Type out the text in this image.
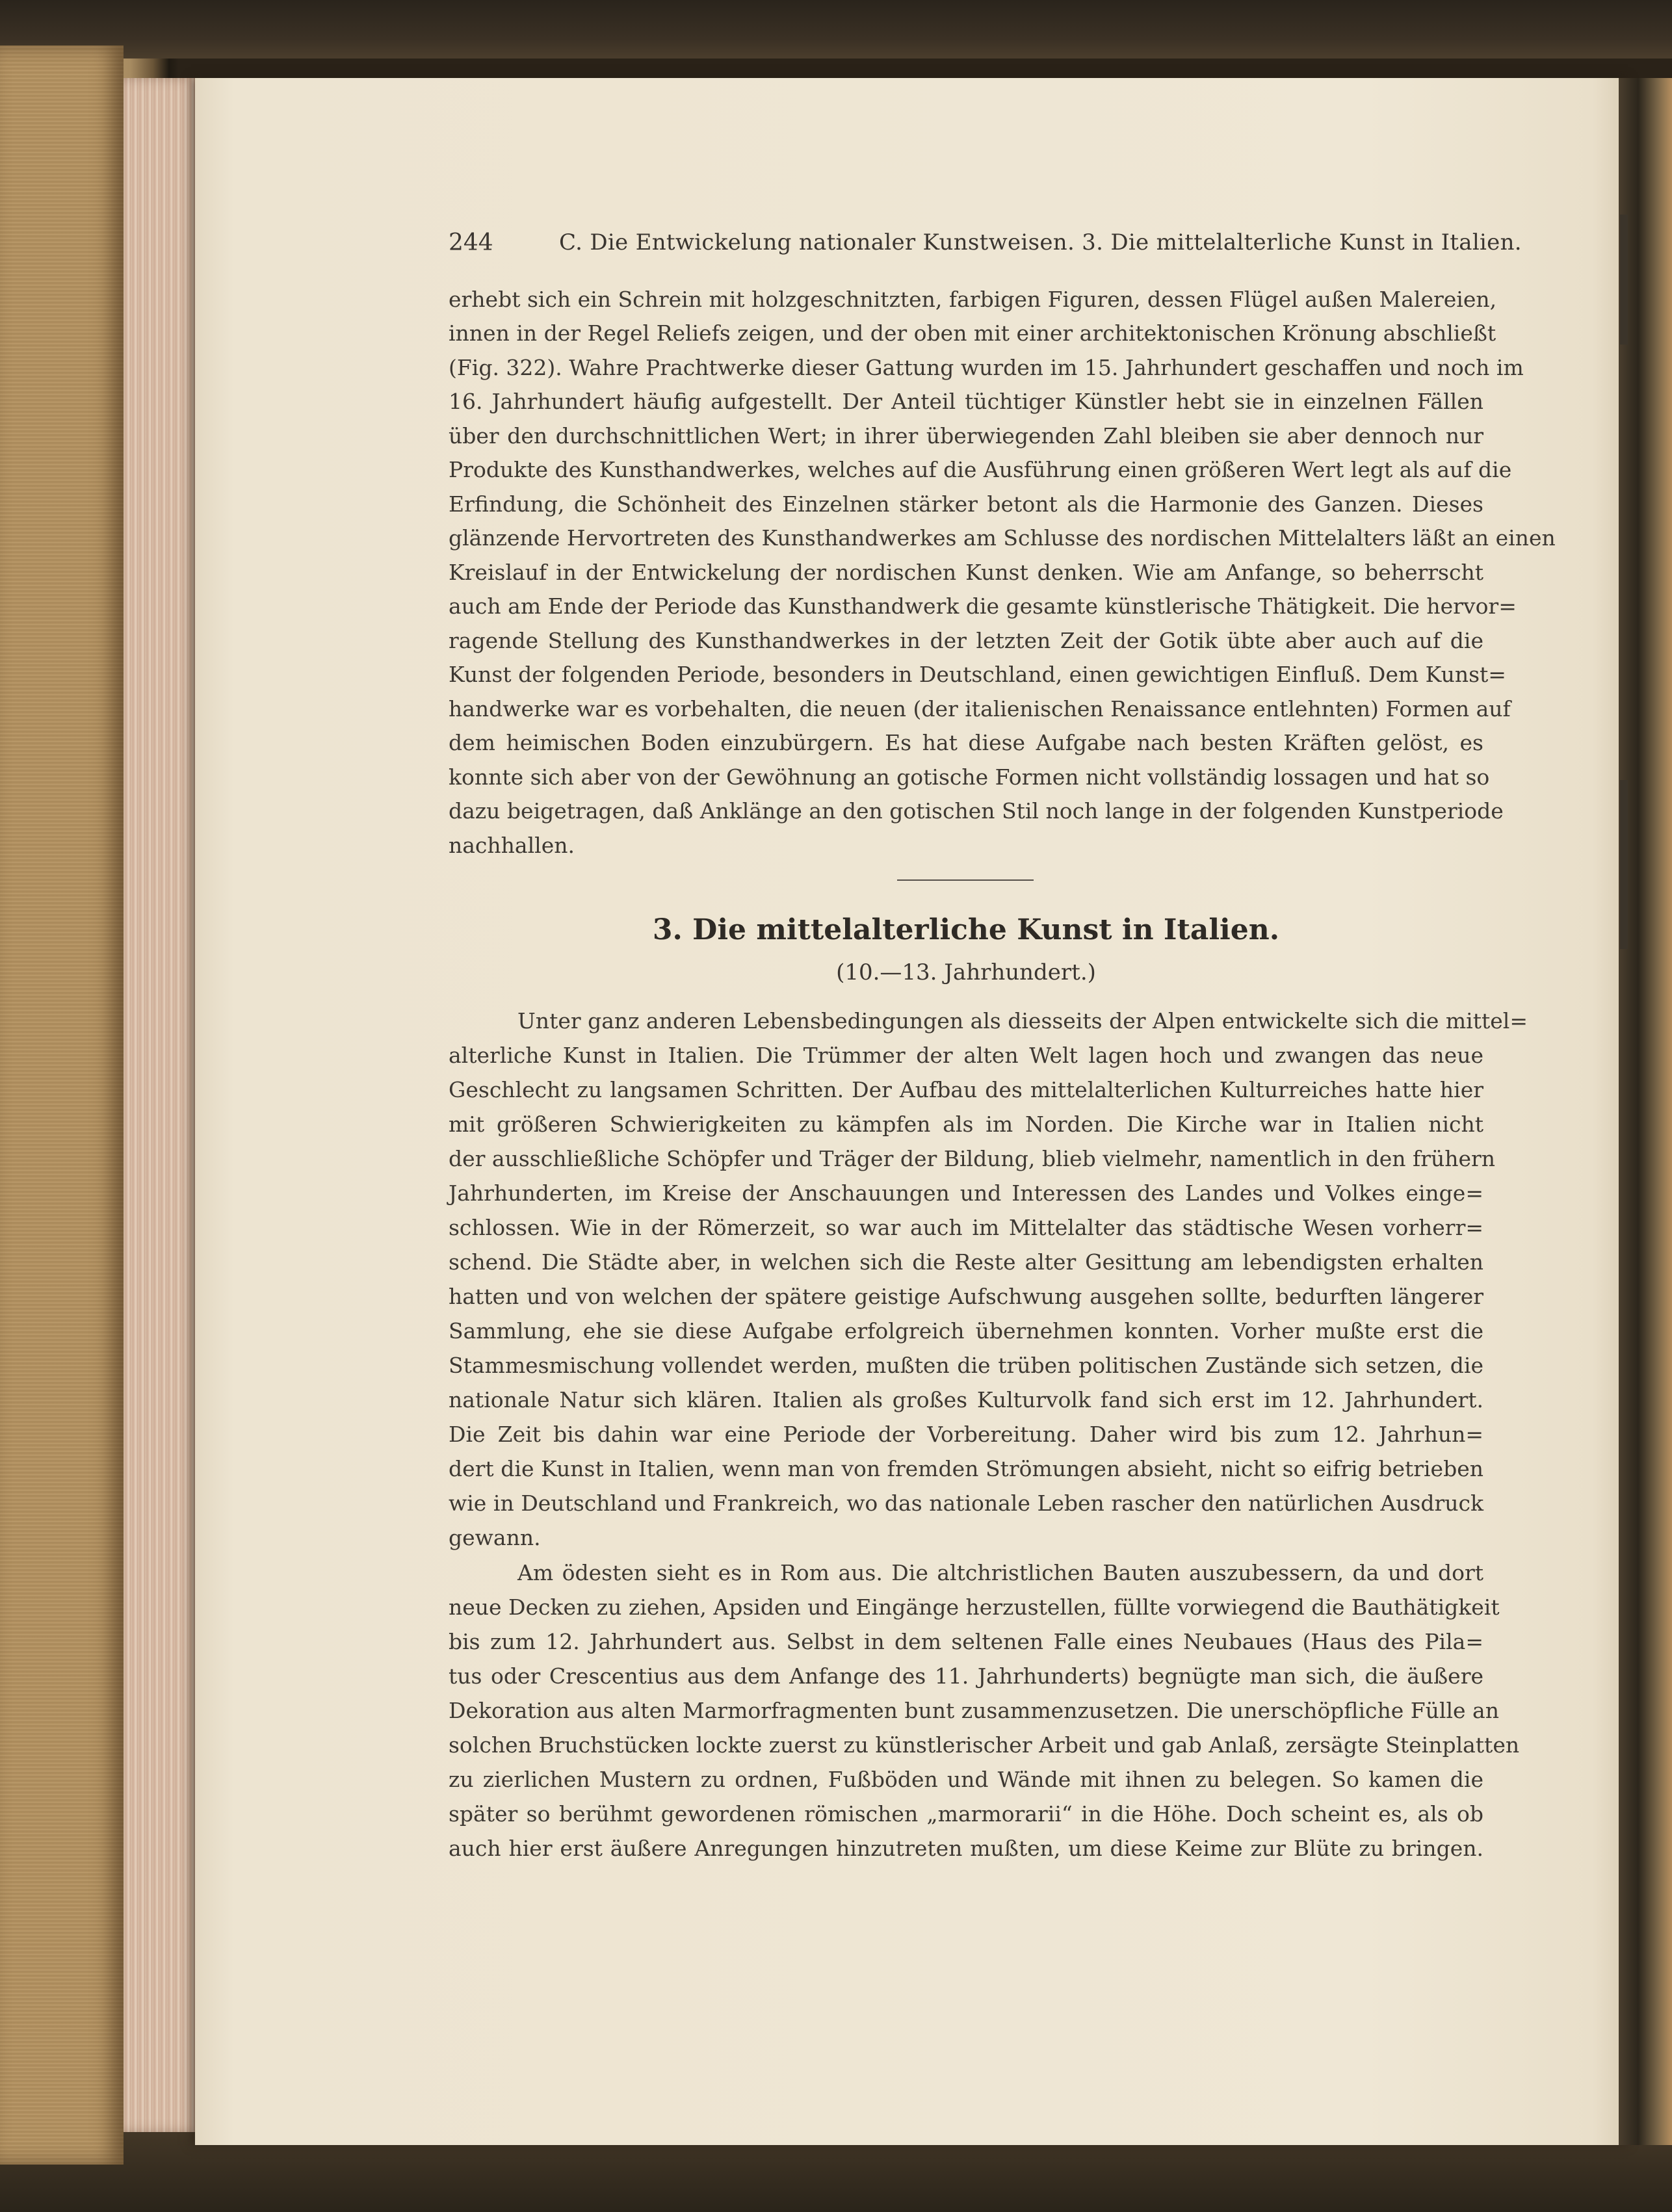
244	C. Die Entwickelung nationaler Kunstweisen. 3. Die mittelalterliche Kunst in Italien.
erhebt sich ein Schrein mit holzgeschnitzten, farbigen Figuren, dessen Flügel außen Malereien,
innen in der Regel Reliefs zeigen, und der oben mit einer architektonischen Krönung abschließt
(Fig. 322). Wahre Prachtwerke dieser Gattung wurden im 15. Jahrhundert geschaffen und noch im
16. Jahrhundert häufig aufgestellt. Der Anteil tüchtiger Künstler hebt sie in einzelnen Fällen
über den durchschnittlichen Wert; in ihrer überwiegenden Zahl bleiben sie aber dennoch nur
Produkte des Kunsthandwerkes, welches auf die Ausführung einen größeren Wert legt als auf die
Erfindung, die Schönheit des Einzelnen stärker betont als die Harmonie des Ganzen. Dieses
glänzende Hervortreten des Kunsthandwerkes am Schlusse des nordischen Mittelalters läßt an einen
Kreislauf in der Entwickelung der nordischen Kunst denken. Wie am Anfange, so beherrscht
auch am Ende der Periode das Kunsthandwerk die gesamte künstlerische Thätigkeit. Die hervor=
ragende Stellung des Kunsthandwerkes in der letzten Zeit der Gotik übte aber auch auf die
Kunst der folgenden Periode, besonders in Deutschland, einen gewichtigen Einfluß. Dem Kunst=
handwerke war es vorbehalten, die neuen (der italienischen Renaissance entlehnten) Formen auf
dem heimischen Boden einzubürgern. Es hat diese Aufgabe nach besten Kräften gelöst, es
konnte sich aber von der Gewöhnung an gotische Formen nicht vollständig lossagen und hat so
dazu beigetragen, daß Anklänge an den gotischen Stil noch lange in der folgenden Kunstperiode
nachhallen.
3. Die mittelalterliche Kunst in Italien.
(10.—13. Jahrhundert.)
Unter ganz anderen Lebensbedingungen als diesseits der Alpen entwickelte sich die mittel=
alterliche Kunst in Italien. Die Trümmer der alten Welt lagen hoch und zwangen das neue
Geschlecht zu langsamen Schritten. Der Aufbau des mittelalterlichen Kulturreiches hatte hier
mit größeren Schwierigkeiten zu kämpfen als im Norden. Die Kirche war in Italien nicht
der ausschließliche Schöpfer und Träger der Bildung, blieb vielmehr, namentlich in den frühern
Jahrhunderten, im Kreise der Anschauungen und Interessen des Landes und Volkes einge=
schlossen. Wie in der Römerzeit, so war auch im Mittelalter das städtische Wesen vorherr=
schend. Die Städte aber, in welchen sich die Reste alter Gesittung am lebendigsten erhalten
hatten und von welchen der spätere geistige Aufschwung ausgehen sollte, bedurften längerer
Sammlung, ehe sie diese Aufgabe erfolgreich übernehmen konnten. Vorher mußte erst die
Stammesmischung vollendet werden, mußten die trüben politischen Zustände sich setzen, die
nationale Natur sich klären. Italien als großes Kulturvolk fand sich erst im 12. Jahrhundert.
Die Zeit bis dahin war eine Periode der Vorbereitung. Daher wird bis zum 12. Jahrhun=
dert die Kunst in Italien, wenn man von fremden Strömungen absieht, nicht so eifrig betrieben
wie in Deutschland und Frankreich, wo das nationale Leben rascher den natürlichen Ausdruck
gewann.
Am ödesten sieht es in Rom aus. Die altchristlichen Bauten auszubessern, da und dort
neue Decken zu ziehen, Apsiden und Eingänge herzustellen, füllte vorwiegend die Bauthätigkeit
bis zum 12. Jahrhundert aus. Selbst in dem seltenen Falle eines Neubaues (Haus des Pila=
tus oder Crescentius aus dem Anfange des 11. Jahrhunderts) begnügte man sich, die äußere
Dekoration aus alten Marmorfragmenten bunt zusammenzusetzen. Die unerschöpfliche Fülle an
solchen Bruchstücken lockte zuerst zu künstlerischer Arbeit und gab Anlaß, zersägte Steinplatten
zu zierlichen Mustern zu ordnen, Fußböden und Wände mit ihnen zu belegen. So kamen die
später so berühmt gewordenen römischen „marmorarii“ in die Höhe. Doch scheint es, als ob
auch hier erst äußere Anregungen hinzutreten mußten, um diese Keime zur Blüte zu bringen.
